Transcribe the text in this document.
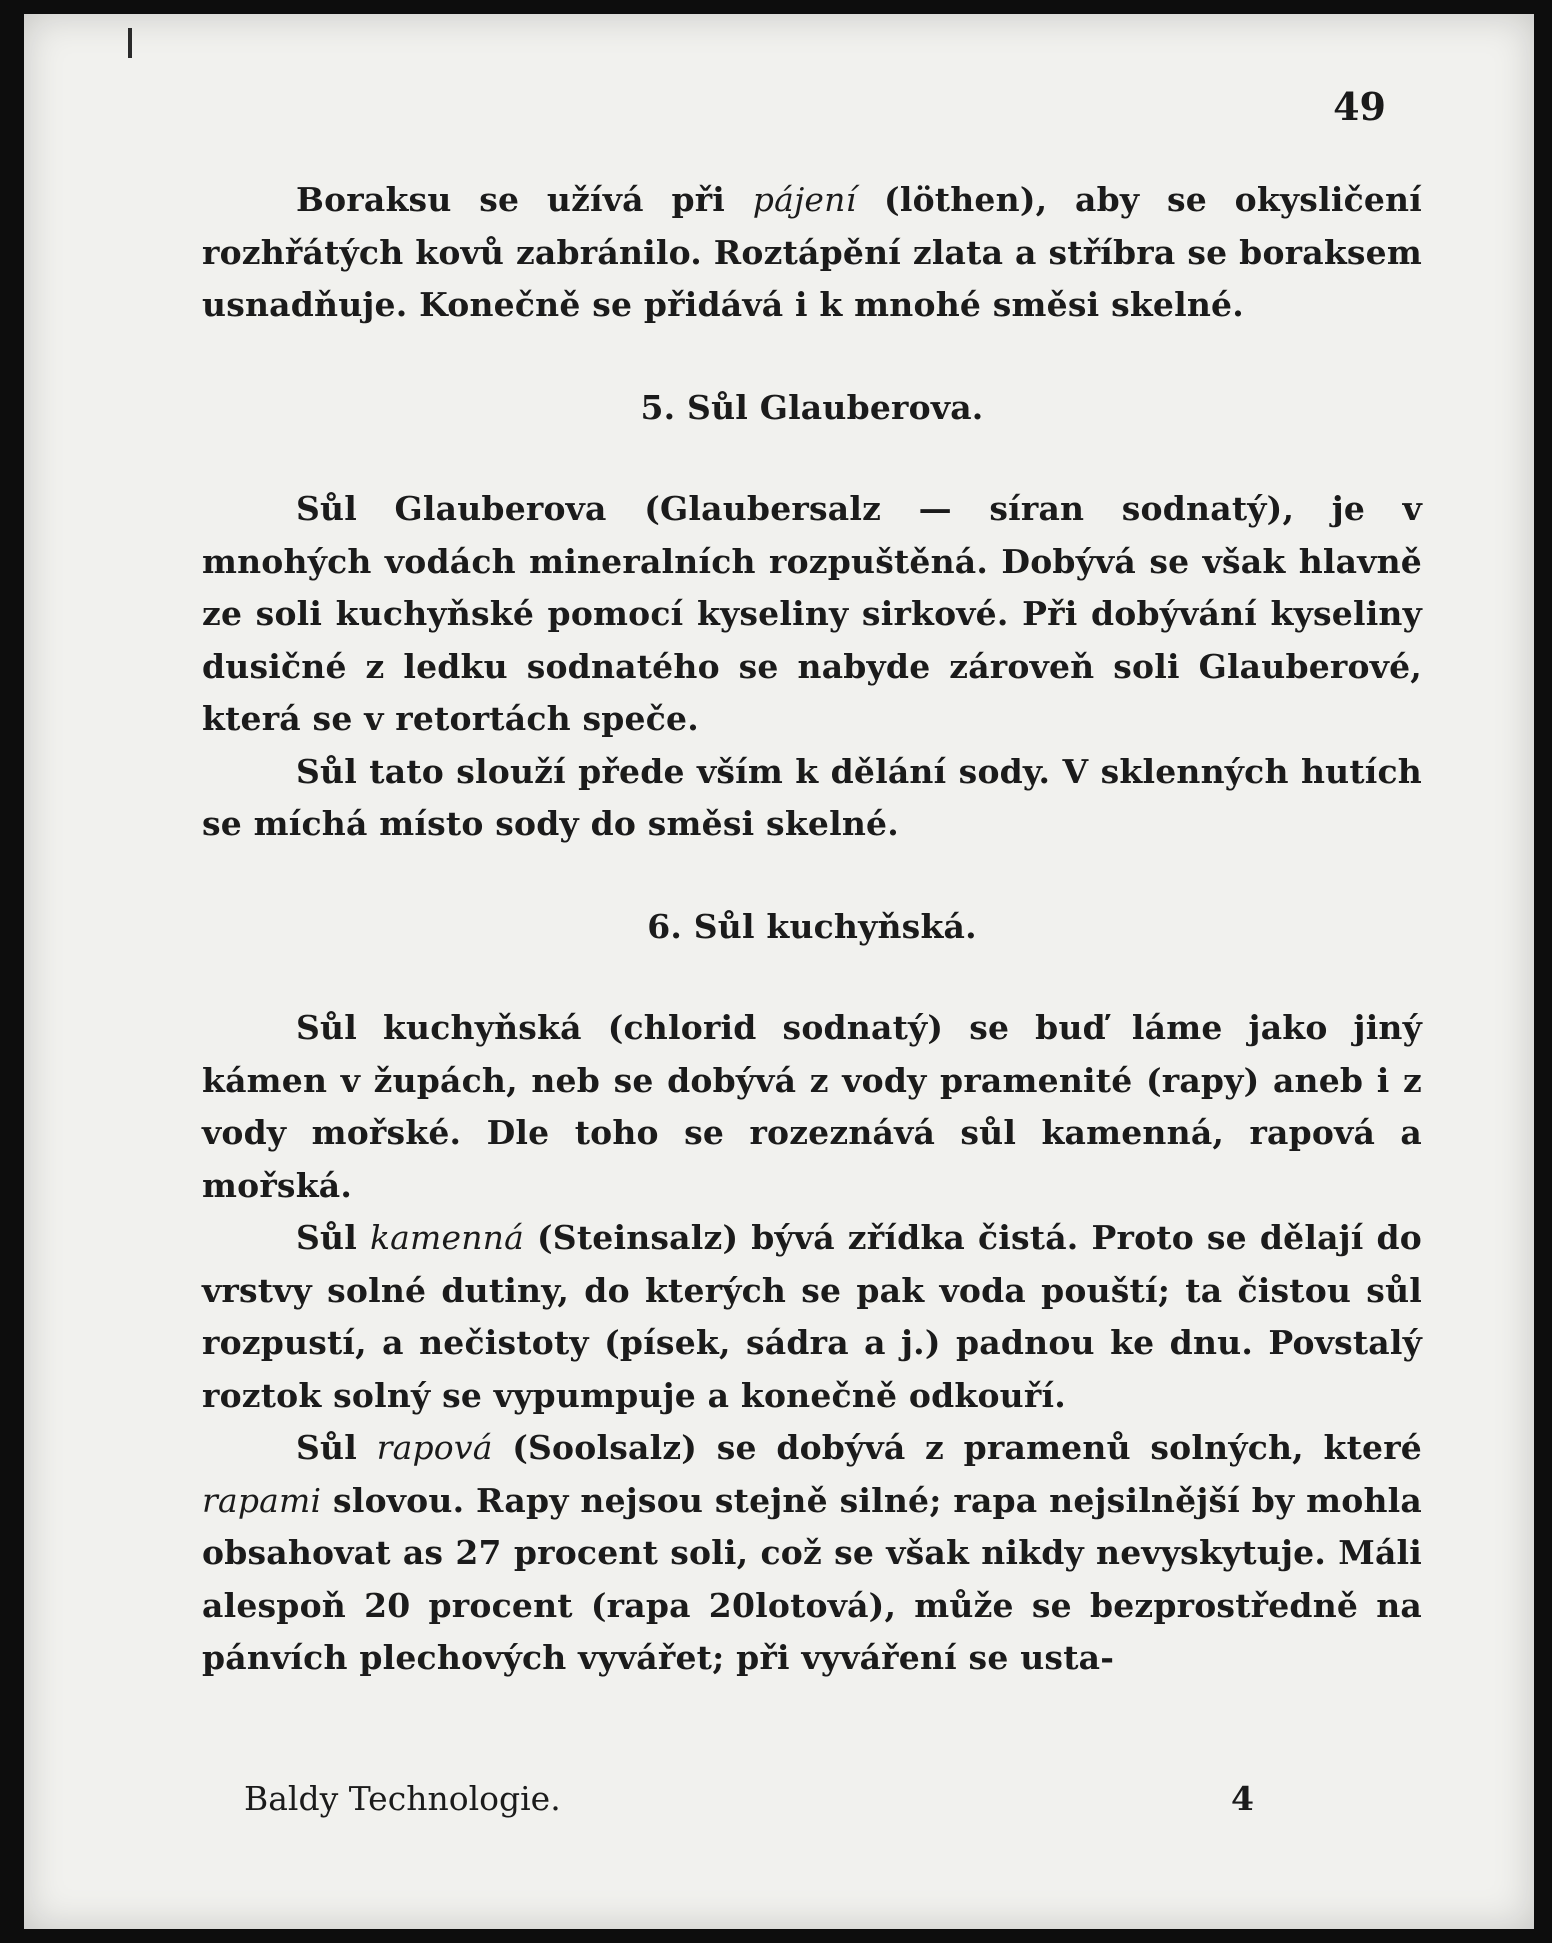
49

Boraksu se užívá při pájení (löthen), aby se okysličení rozhřátých kovů zabránilo. Roztápění zlata a stříbra se boraksem usnadňuje. Konečně se přidává i k mnohé směsi skelné.

5. Sůl Glauberova.

Sůl Glauberova (Glaubersalz — síran sodnatý), je v mnohých vodách mineralních rozpuštěná. Dobývá se však hlavně ze soli kuchyňské pomocí kyseliny sirkové. Při dobývání kyseliny dusičné z ledku sodnatého se nabyde zároveň soli Glauberové, která se v retortách speče.

Sůl tato slouží přede vším k dělání sody. V sklenných hutích se míchá místo sody do směsi skelné.

6. Sůl kuchyňská.

Sůl kuchyňská (chlorid sodnatý) se buď láme jako jiný kámen v župách, neb se dobývá z vody pramenité (rapy) aneb i z vody mořské. Dle toho se rozeznává sůl kamenná, rapová a mořská.

Sůl kamenná (Steinsalz) bývá zřídka čistá. Proto se dělají do vrstvy solné dutiny, do kterých se pak voda pouští; ta čistou sůl rozpustí, a nečistoty (písek, sádra a j.) padnou ke dnu. Povstalý roztok solný se vypumpuje a konečně odkouří.

Sůl rapová (Soolsalz) se dobývá z pramenů solných, které rapami slovou. Rapy nejsou stejně silné; rapa nejsilnější by mohla obsahovat as 27 procent soli, což se však nikdy nevyskytuje. Máli alespoň 20 procent (rapa 20lotová), může se bezprostředně na pánvích plechových vyvářet; při vyváření se usta-

Baldy Technologie.	4
